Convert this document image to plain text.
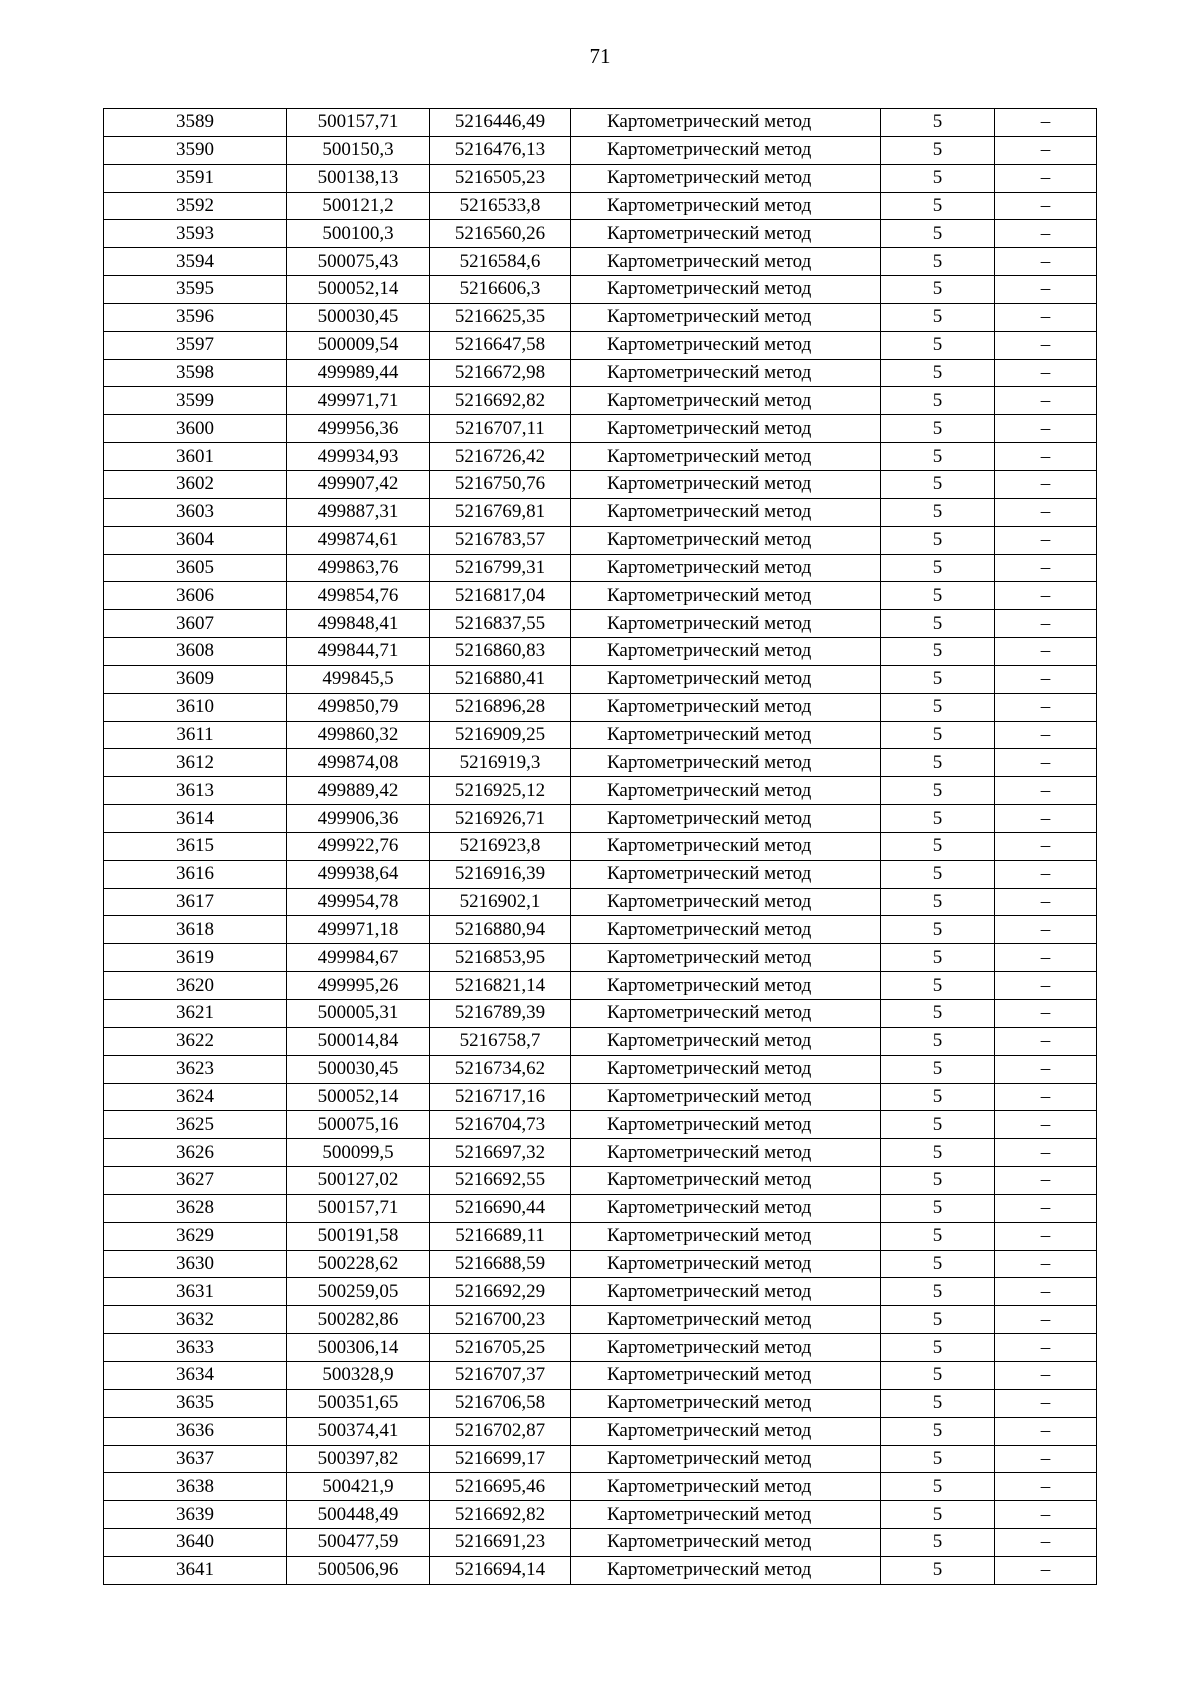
71
3589	500157,71	5216446,49	Картометрический метод	5	–
3590	500150,3	5216476,13	Картометрический метод	5	–
3591	500138,13	5216505,23	Картометрический метод	5	–
3592	500121,2	5216533,8	Картометрический метод	5	–
3593	500100,3	5216560,26	Картометрический метод	5	–
3594	500075,43	5216584,6	Картометрический метод	5	–
3595	500052,14	5216606,3	Картометрический метод	5	–
3596	500030,45	5216625,35	Картометрический метод	5	–
3597	500009,54	5216647,58	Картометрический метод	5	–
3598	499989,44	5216672,98	Картометрический метод	5	–
3599	499971,71	5216692,82	Картометрический метод	5	–
3600	499956,36	5216707,11	Картометрический метод	5	–
3601	499934,93	5216726,42	Картометрический метод	5	–
3602	499907,42	5216750,76	Картометрический метод	5	–
3603	499887,31	5216769,81	Картометрический метод	5	–
3604	499874,61	5216783,57	Картометрический метод	5	–
3605	499863,76	5216799,31	Картометрический метод	5	–
3606	499854,76	5216817,04	Картометрический метод	5	–
3607	499848,41	5216837,55	Картометрический метод	5	–
3608	499844,71	5216860,83	Картометрический метод	5	–
3609	499845,5	5216880,41	Картометрический метод	5	–
3610	499850,79	5216896,28	Картометрический метод	5	–
3611	499860,32	5216909,25	Картометрический метод	5	–
3612	499874,08	5216919,3	Картометрический метод	5	–
3613	499889,42	5216925,12	Картометрический метод	5	–
3614	499906,36	5216926,71	Картометрический метод	5	–
3615	499922,76	5216923,8	Картометрический метод	5	–
3616	499938,64	5216916,39	Картометрический метод	5	–
3617	499954,78	5216902,1	Картометрический метод	5	–
3618	499971,18	5216880,94	Картометрический метод	5	–
3619	499984,67	5216853,95	Картометрический метод	5	–
3620	499995,26	5216821,14	Картометрический метод	5	–
3621	500005,31	5216789,39	Картометрический метод	5	–
3622	500014,84	5216758,7	Картометрический метод	5	–
3623	500030,45	5216734,62	Картометрический метод	5	–
3624	500052,14	5216717,16	Картометрический метод	5	–
3625	500075,16	5216704,73	Картометрический метод	5	–
3626	500099,5	5216697,32	Картометрический метод	5	–
3627	500127,02	5216692,55	Картометрический метод	5	–
3628	500157,71	5216690,44	Картометрический метод	5	–
3629	500191,58	5216689,11	Картометрический метод	5	–
3630	500228,62	5216688,59	Картометрический метод	5	–
3631	500259,05	5216692,29	Картометрический метод	5	–
3632	500282,86	5216700,23	Картометрический метод	5	–
3633	500306,14	5216705,25	Картометрический метод	5	–
3634	500328,9	5216707,37	Картометрический метод	5	–
3635	500351,65	5216706,58	Картометрический метод	5	–
3636	500374,41	5216702,87	Картометрический метод	5	–
3637	500397,82	5216699,17	Картометрический метод	5	–
3638	500421,9	5216695,46	Картометрический метод	5	–
3639	500448,49	5216692,82	Картометрический метод	5	–
3640	500477,59	5216691,23	Картометрический метод	5	–
3641	500506,96	5216694,14	Картометрический метод	5	–
